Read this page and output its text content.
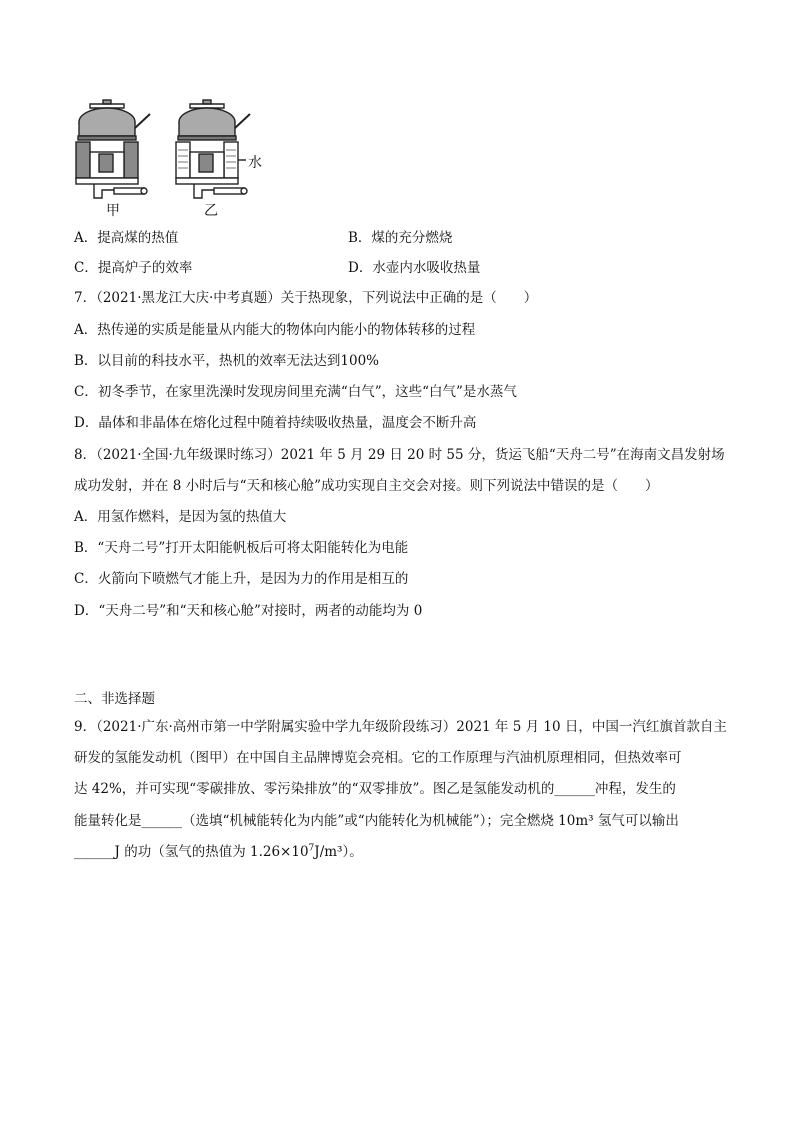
甲	乙
水
A．提高煤的热值	B．煤的充分燃烧
C．提高炉子的效率	D．水壶内水吸收热量
7．（2021·黑龙江大庆·中考真题）关于热现象，下列说法中正确的是（　　）
A．热传递的实质是能量从内能大的物体向内能小的物体转移的过程
B．以目前的科技水平，热机的效率无法达到100%
C．初冬季节，在家里洗澡时发现房间里充满“白气”，这些“白气”是水蒸气
D．晶体和非晶体在熔化过程中随着持续吸收热量，温度会不断升高
8．（2021·全国·九年级课时练习）2021 年 5 月 29 日 20 时 55 分，货运飞船“天舟二号”在海南文昌发射场
成功发射，并在 8 小时后与“天和核心舱”成功实现自主交会对接。则下列说法中错误的是（　　）
A．用氢作燃料，是因为氢的热值大
B．“天舟二号”打开太阳能帆板后可将太阳能转化为电能
C．火箭向下喷燃气才能上升，是因为力的作用是相互的
D．“天舟二号”和“天和核心舱”对接时，两者的动能均为 0
二、非选择题
9．（2021·广东·高州市第一中学附属实验中学九年级阶段练习）2021 年 5 月 10 日，中国一汽红旗首款自主
研发的氢能发动机（图甲）在中国自主品牌博览会亮相。它的工作原理与汽油机原理相同，但热效率可
达 42%，并可实现“零碳排放、零污染排放”的“双零排放”。图乙是氢能发动机的______冲程，发生的
能量转化是______（选填“机械能转化为内能”或“内能转化为机械能”）；完全燃烧 10m³ 氢气可以输出
______J 的功（氢气的热值为 $1.26\times 10^7J/m^3$）。
